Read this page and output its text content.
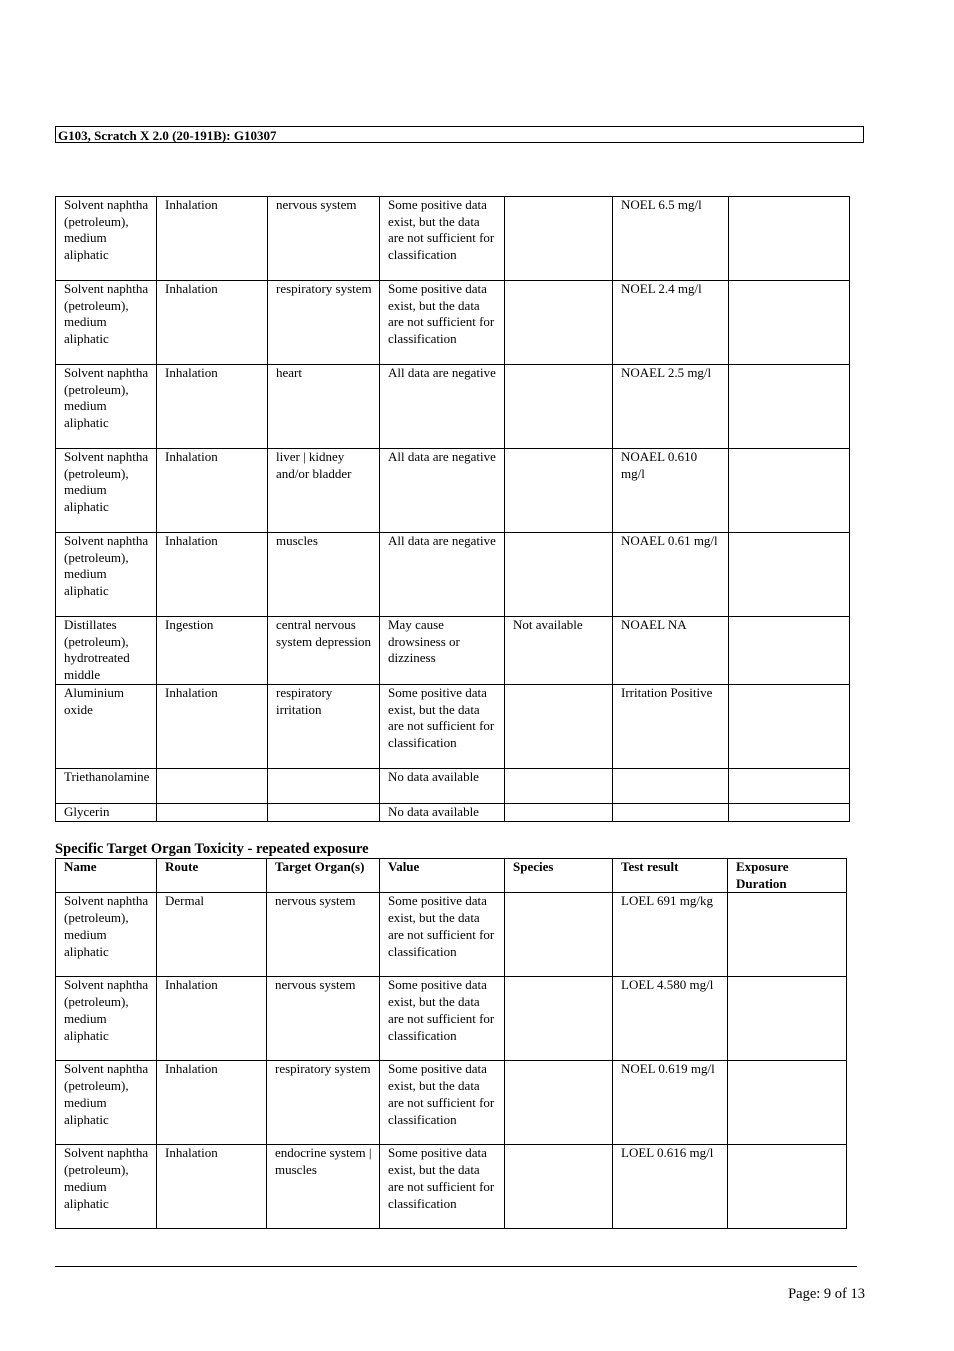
G103, Scratch X 2.0 (20-191B): G10307
Solvent naphtha (petroleum), medium aliphatic	Inhalation	nervous system	Some positive data exist, but the data are not sufficient for classification		NOEL 6.5 mg/l	
Solvent naphtha (petroleum), medium aliphatic	Inhalation	respiratory system	Some positive data exist, but the data are not sufficient for classification		NOEL 2.4 mg/l	
Solvent naphtha (petroleum), medium aliphatic	Inhalation	heart	All data are negative		NOAEL 2.5 mg/l	
Solvent naphtha (petroleum), medium aliphatic	Inhalation	liver | kidney and/or bladder	All data are negative		NOAEL 0.610 mg/l	
Solvent naphtha (petroleum), medium aliphatic	Inhalation	muscles	All data are negative		NOAEL 0.61 mg/l	
Distillates (petroleum), hydrotreated middle	Ingestion	central nervous system depression	May cause drowsiness or dizziness	Not available	NOAEL NA	
Aluminium oxide	Inhalation	respiratory irritation	Some positive data exist, but the data are not sufficient for classification		Irritation Positive	
Triethanolamine			No data available			
Glycerin			No data available			
Specific Target Organ Toxicity - repeated exposure
Name	Route	Target Organ(s)	Value	Species	Test result	Exposure Duration
Solvent naphtha (petroleum), medium aliphatic	Dermal	nervous system	Some positive data exist, but the data are not sufficient for classification		LOEL 691 mg/kg	
Solvent naphtha (petroleum), medium aliphatic	Inhalation	nervous system	Some positive data exist, but the data are not sufficient for classification		LOEL 4.580 mg/l	
Solvent naphtha (petroleum), medium aliphatic	Inhalation	respiratory system	Some positive data exist, but the data are not sufficient for classification		NOEL 0.619 mg/l	
Solvent naphtha (petroleum), medium aliphatic	Inhalation	endocrine system | muscles	Some positive data exist, but the data are not sufficient for classification		LOEL 0.616 mg/l	
Page: 9 of 13
